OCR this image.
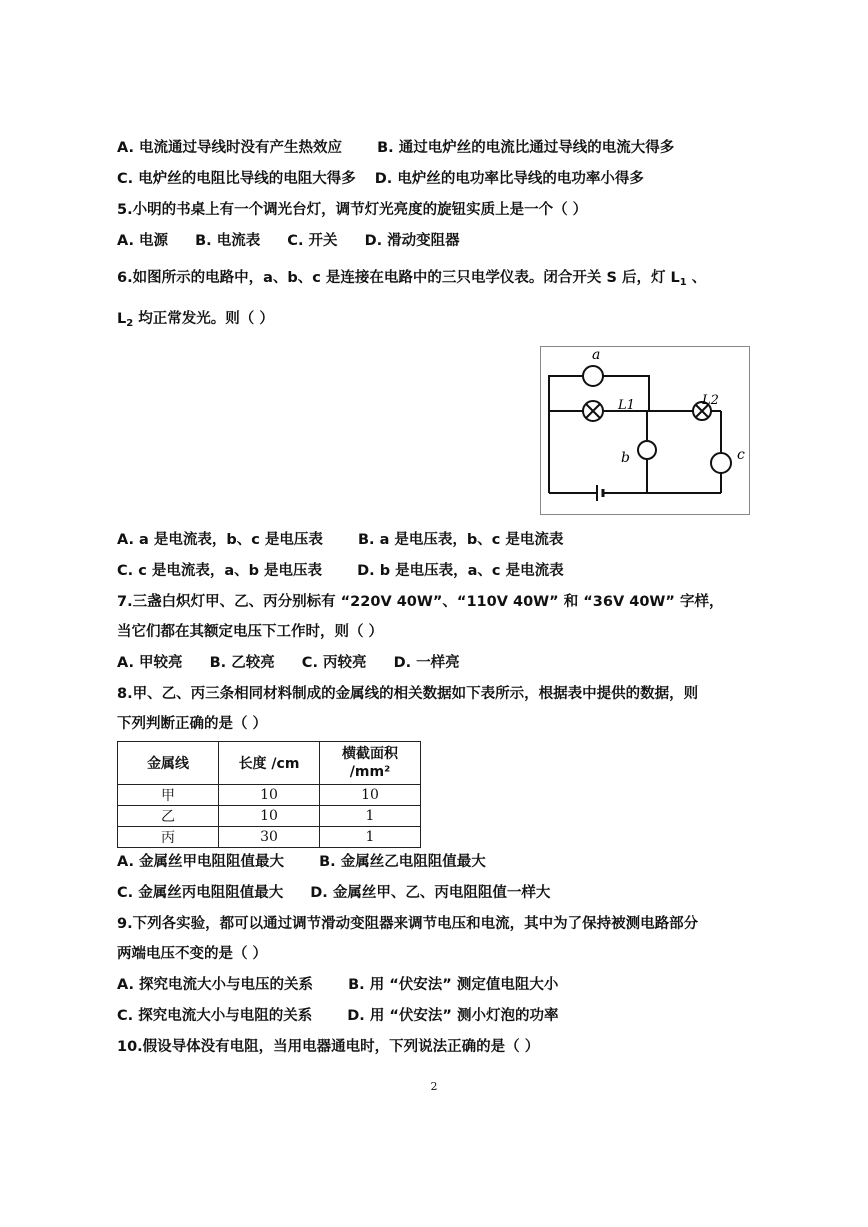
A. 电流通过导线时没有产生热效应 B. 通过电炉丝的电流比通过导线的电流大得多
C. 电炉丝的电阻比导线的电阻大得多 D. 电炉丝的电功率比导线的电功率小得多
5.小明的书桌上有一个调光台灯，调节灯光亮度的旋钮实质上是一个（ ）
A. 电源 B. 电流表 C. 开关 D. 滑动变阻器
6.如图所示的电路中，a、b、c 是连接在电路中的三只电学仪表。闭合开关 S 后，灯 $L_1$ 、
$L_2$ 均正常发光。则（ ）
a
L1	L2
b	c
A. a 是电流表，b、c 是电压表 B. a 是电压表，b、c 是电流表
C. c 是电流表，a、b 是电压表 D. b 是电压表，a、c 是电流表
7.三盏白炽灯甲、乙、丙分别标有 “220V 40W”、“110V 40W” 和 “36V 40W” 字样，
当它们都在其额定电压下工作时，则（ ）
A. 甲较亮 B. 乙较亮 C. 丙较亮 D. 一样亮
8.甲、乙、丙三条相同材料制成的金属线的相关数据如下表所示，根据表中提供的数据，则
下列判断正确的是（ ）
金属线	长度 /cm	横截面积
/mm²

甲	10	10
乙	10	1
丙	30	1
A. 金属丝甲电阻阻值最大 B. 金属丝乙电阻阻值最大
C. 金属丝丙电阻阻值最大 D. 金属丝甲、乙、丙电阻阻值一样大
9.下列各实验，都可以通过调节滑动变阻器来调节电压和电流，其中为了保持被测电路部分
两端电压不变的是（ ）
A. 探究电流大小与电压的关系 B. 用 “伏安法” 测定值电阻大小
C. 探究电流大小与电阻的关系 D. 用 “伏安法” 测小灯泡的功率
10.假设导体没有电阻，当用电器通电时，下列说法正确的是（ ）
2
